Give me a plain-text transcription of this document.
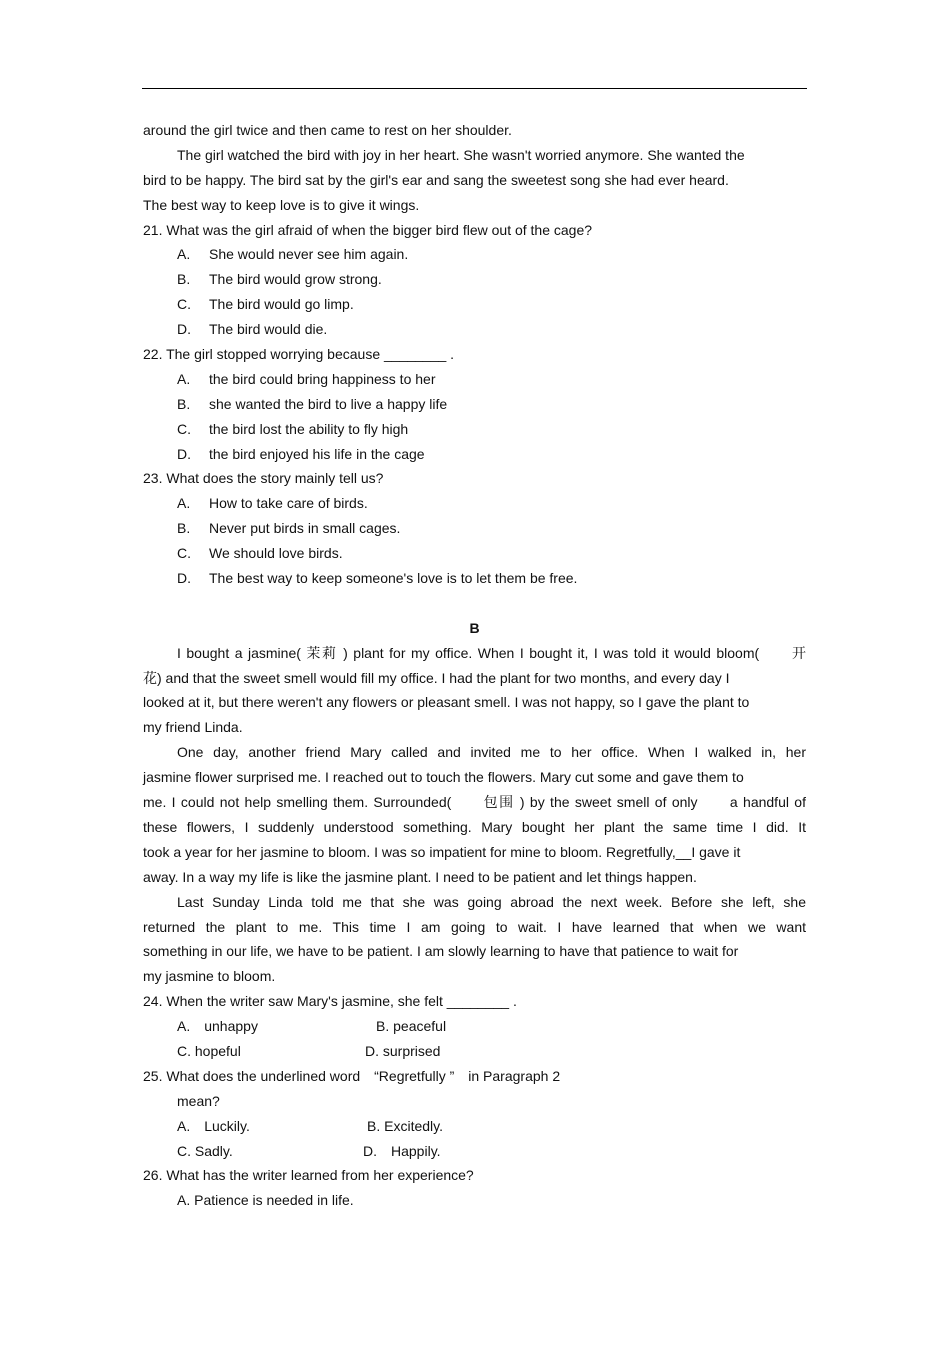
around the girl twice and then came to rest on her shoulder.
The girl watched the bird with joy in her heart. She wasn't worried anymore. She wanted the
bird to be happy. The bird sat by the girl's ear and sang the sweetest song she had ever heard.
The best way to keep love is to give it wings.
21. What was the girl afraid of when the bigger bird flew out of the cage?
A. She would never see him again.
B. The bird would grow strong.
C. The bird would go limp.
D. The bird would die.
22. The girl stopped worrying because ________ .
A. the bird could bring happiness to her
B. she wanted the bird to live a happy life
C. the bird lost the ability to fly high
D. the bird enjoyed his life in the cage
23. What does the story mainly tell us?
A. How to take care of birds.
B. Never put birds in small cages.
C. We should love birds.
D. The best way to keep someone's love is to let them be free.
B
I bought a jasmine( 茉莉 ) plant for my office. When I bought it, I was told it would bloom(　　开
花) and that the sweet smell would fill my office. I had the plant for two months, and every day I
looked at it, but there weren't any flowers or pleasant smell. I was not happy, so I gave the plant to
my friend Linda.
One day, another friend Mary called and invited me to her office. When I walked in, her
jasmine flower surprised me. I reached out to touch the flowers. Mary cut some and gave them to
me. I could not help smelling them. Surrounded(　　包围 ) by the sweet smell of only　　a handful of
these flowers, I suddenly understood something. Mary bought her plant the same time I did. It
took a year for her jasmine to bloom. I was so impatient for mine to bloom. Regretfully,__I gave it
away. In a way my life is like the jasmine plant. I need to be patient and let things happen.
Last Sunday Linda told me that she was going abroad the next week. Before she left, she
returned the plant to me. This time I am going to wait. I have learned that when we want
something in our life, we have to be patient. I am slowly learning to have that patience to wait for
my jasmine to bloom.
24. When the writer saw Mary's jasmine, she felt ________ .
A.　unhappy	B. peaceful
C. hopeful	D. surprised
25. What does the underlined word　“Regretfully ”　in Paragraph 2
mean?
A.　Luckily.	B. Excitedly.
C. Sadly.	D.　Happily.
26. What has the writer learned from her experience?
A. Patience is needed in life.
